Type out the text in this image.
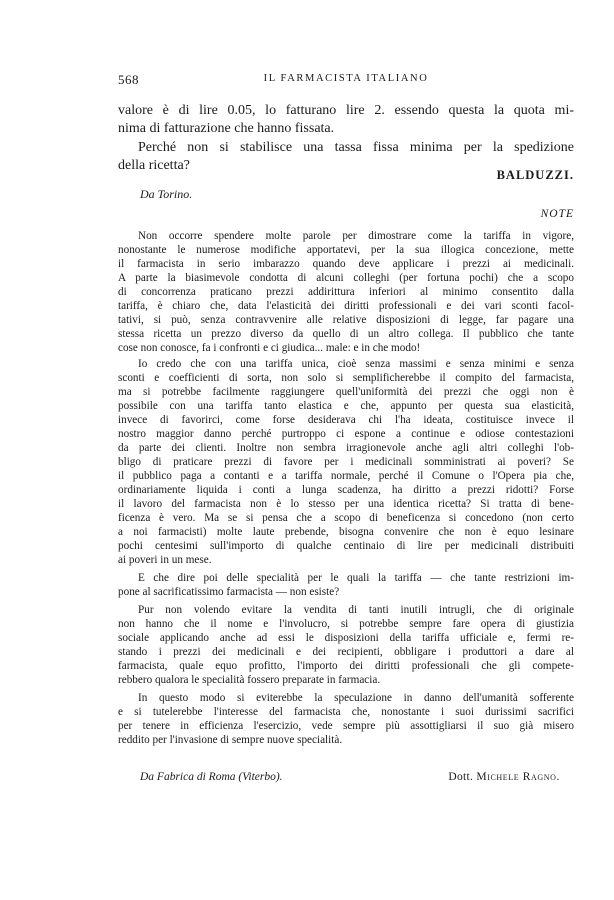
568	IL FARMACISTA ITALIANO
valore è di lire 0.05, lo fatturano lire 2. essendo questa la quota mi-
nima di fatturazione che hanno fissata.
Perché non si stabilisce una tassa fissa minima per la spedizione
della ricetta?
BALDUZZI.
Da Torino.
NOTE
Non occorre spendere molte parole per dimostrare come la tariffa in vigore,
nonostante le numerose modifiche apportatevi, per la sua illogica concezione, mette
il farmacista in serio imbarazzo quando deve applicare i prezzi ai medicinali.
A parte la biasimevole condotta di alcuni colleghi (per fortuna pochi) che a scopo
di concorrenza praticano prezzi addirittura inferiori al minimo consentito dalla
tariffa, è chiaro che, data l'elasticità dei diritti professionali e dei vari sconti facol-
tativi, si può, senza contravvenire alle relative disposizioni di legge, far pagare una
stessa ricetta un prezzo diverso da quello di un altro collega. Il pubblico che tante
cose non conosce, fa i confronti e ci giudica... male: e in che modo!
Io credo che con una tariffa unica, cioè senza massimi e senza minimi e senza
sconti e coefficienti di sorta, non solo si semplificherebbe il compito del farmacista,
ma si potrebbe facilmente raggiungere quell'uniformità dei prezzi che oggi non è
possibile con una tariffa tanto elastica e che, appunto per questa sua elasticità,
invece di favorirci, come forse desiderava chi l'ha ideata, costituisce invece il
nostro maggior danno perché purtroppo ci espone a continue e odiose contestazioni
da parte dei clienti. Inoltre non sembra irragionevole anche agli altri colleghi l'ob-
bligo di praticare prezzi di favore per i medicinali somministrati ai poveri? Se
il pubblico paga a contanti e a tariffa normale, perché il Comune o l'Opera pia che,
ordinariamente liquida i conti a lunga scadenza, ha diritto a prezzi ridotti? Forse
il lavoro del farmacista non è lo stesso per una identica ricetta? Si tratta di bene-
ficenza è vero. Ma se si pensa che a scopo di beneficenza si concedono (non certo
a noi farmacisti) molte laute prebende, bisogna convenire che non è equo lesinare
pochi centesimi sull'importo di qualche centinaio di lire per medicinali distribuiti
ai poveri in un mese.
E che dire poi delle specialità per le quali la tariffa — che tante restrizioni im-
pone al sacrificatissimo farmacista — non esiste?
Pur non volendo evitare la vendita di tanti inutili intrugli, che di originale
non hanno che il nome e l'involucro, si potrebbe sempre fare opera di giustizia
sociale applicando anche ad essi le disposizioni della tariffa ufficiale e, fermi re-
stando i prezzi dei medicinali e dei recipienti, obbligare i produttori a dare al
farmacista, quale equo profitto, l'importo dei diritti professionali che gli compete-
rebbero qualora le specialità fossero preparate in farmacia.
In questo modo si eviterebbe la speculazione in danno dell'umanità sofferente
e si tutelerebbe l'interesse del farmacista che, nonostante i suoi durissimi sacrifici
per tenere in efficienza l'esercizio, vede sempre più assottigliarsi il suo già misero
reddito per l'invasione di sempre nuove specialità.
Da Fabrica di Roma (Viterbo).	Dott. Michele Ragno.
